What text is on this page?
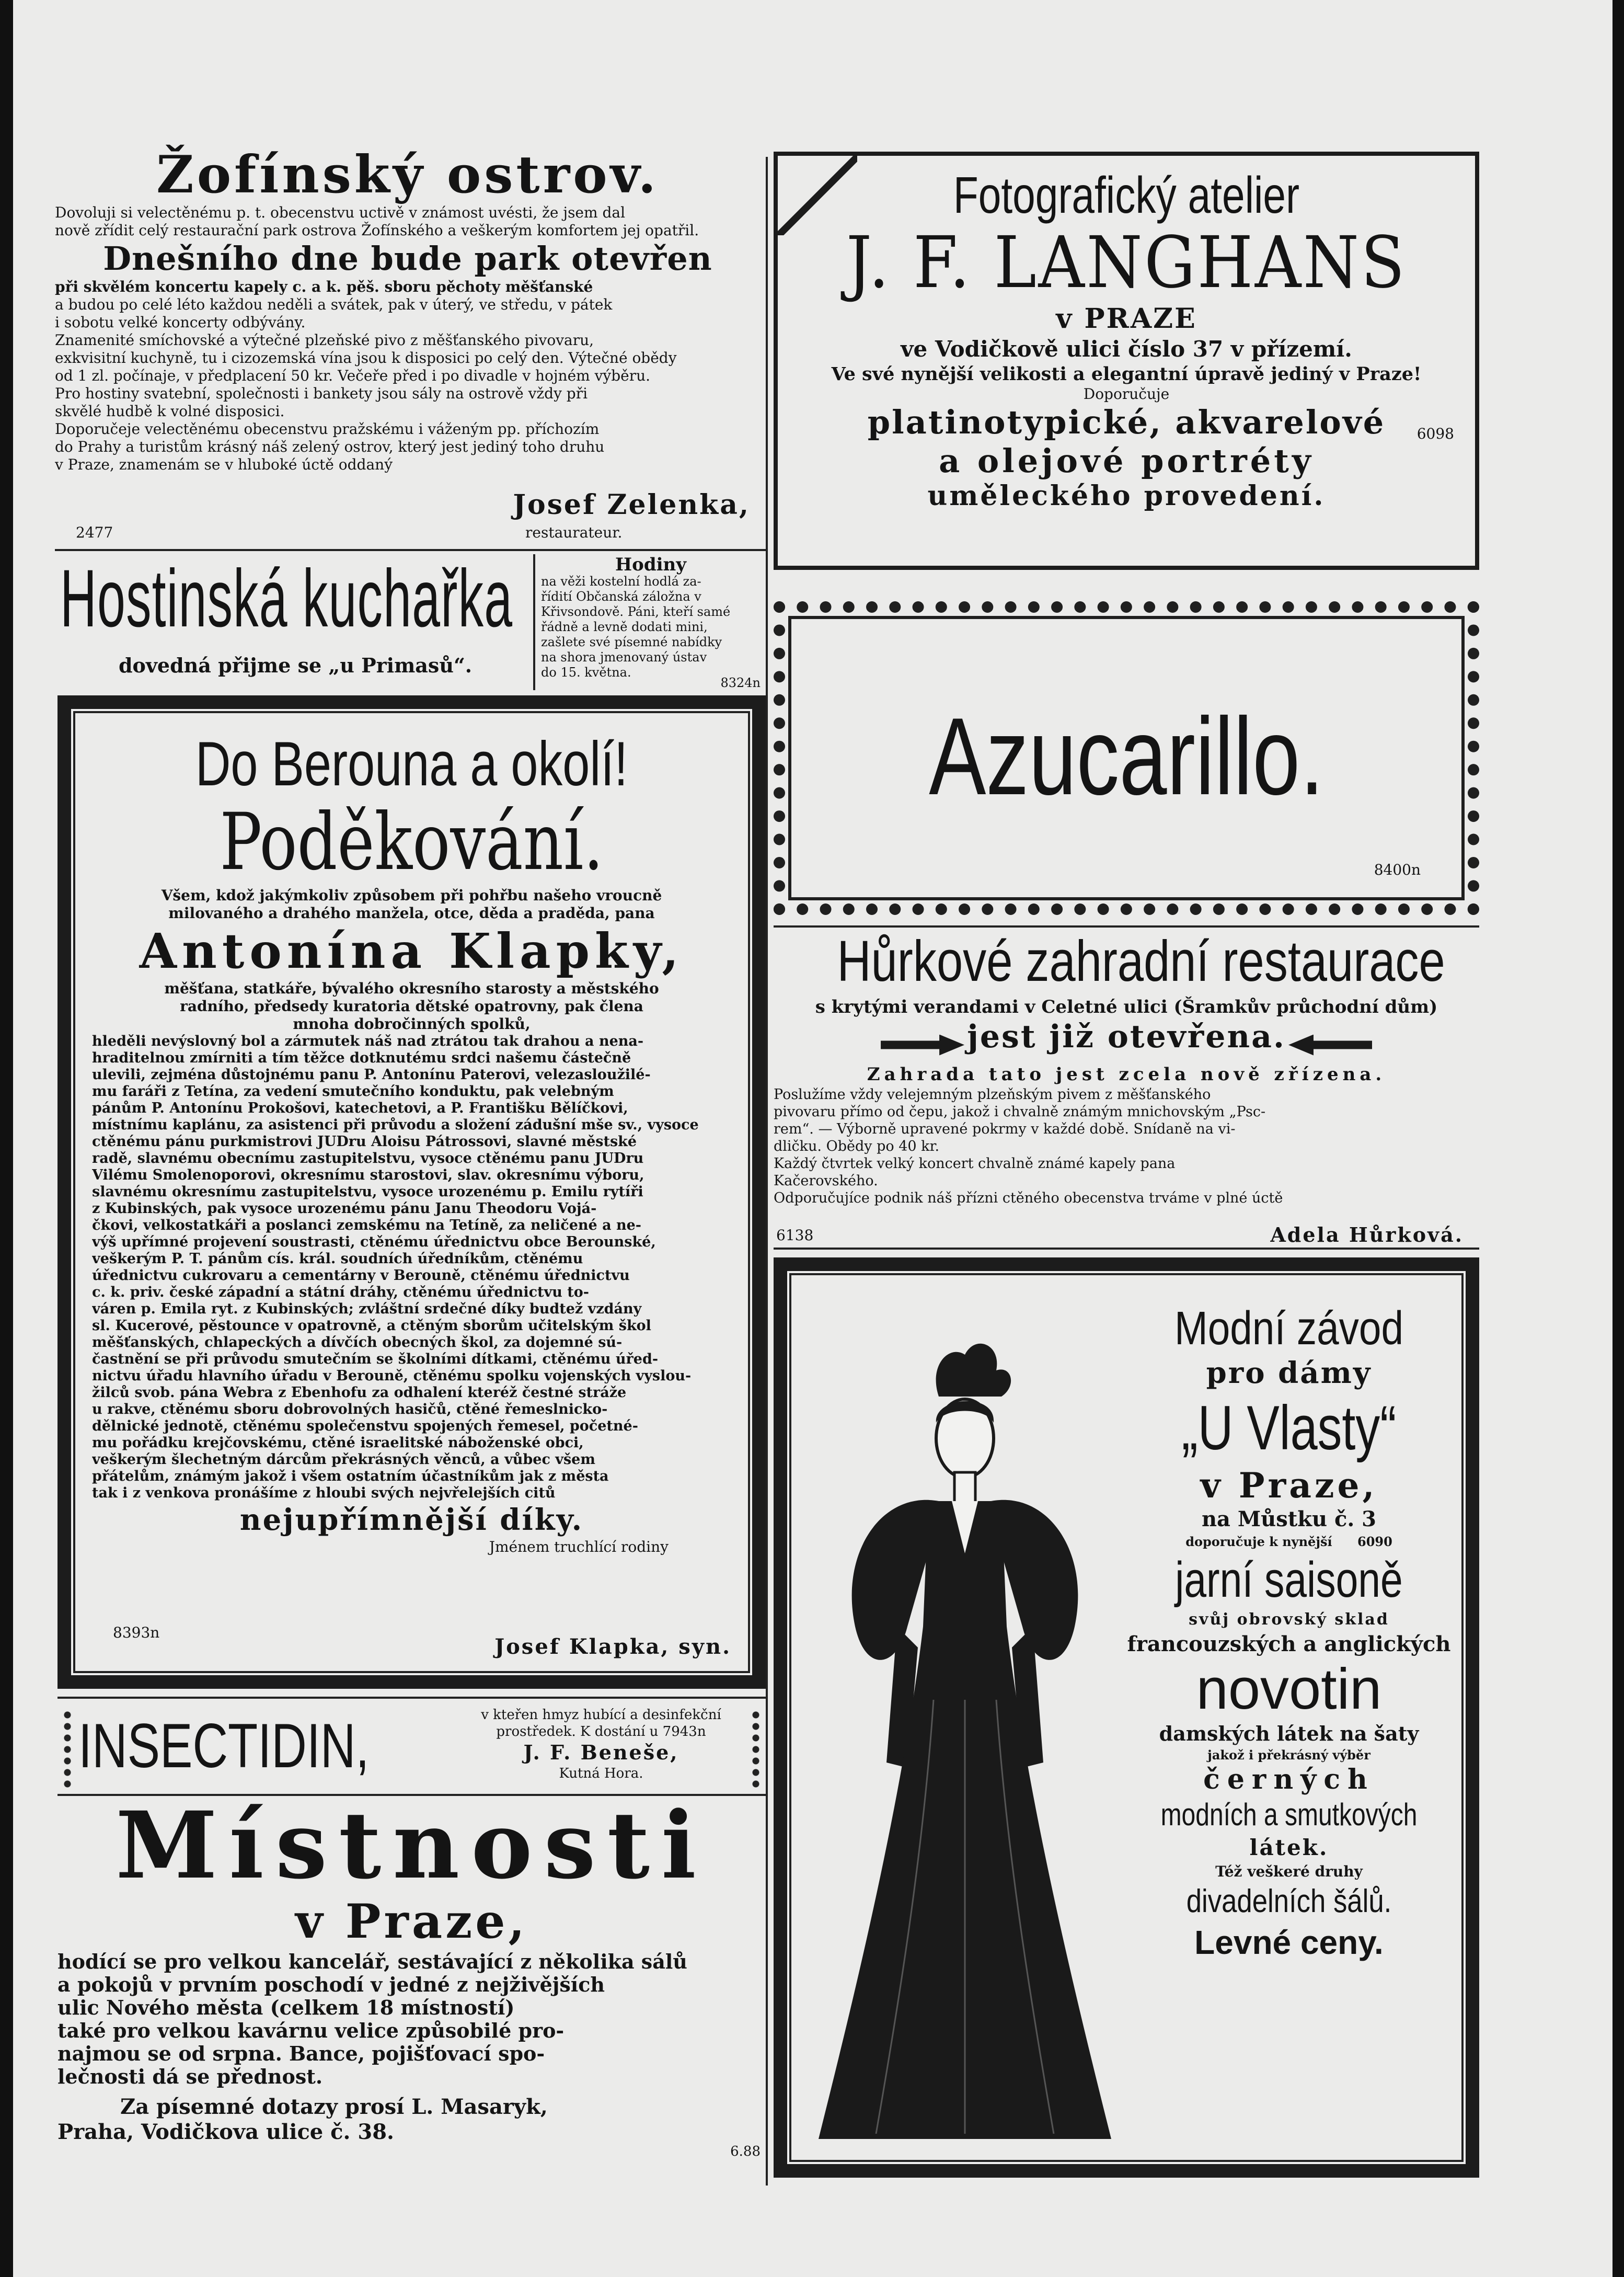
Žofínský ostrov.
Dovoluji si velectěnému p. t. obecenstvu uctivě v známost uvésti, že jsem dal
nově zřídit celý restaurační park ostrova Žofínského a veškerým komfortem jej opatřil.
Dnešního dne bude park otevřen
při skvělém koncertu kapely c. a k. pěš. sboru pěchoty měšťanské
a budou po celé léto každou neděli a svátek, pak v úterý, ve středu, v pátek
i sobotu velké koncerty odbývány.
Znamenité smíchovské a výtečné plzeňské pivo z měšťanského pivovaru,
exkvisitní kuchyně, tu i cizozemská vína jsou k disposici po celý den. Výtečné obědy
od 1 zl. počínaje, v předplacení 50 kr. Večeře před i po divadle v hojném výběru.
Pro hostiny svatební, společnosti i bankety jsou sály na ostrově vždy při
skvělé hudbě k volné disposici.
Doporučeje velectěnému obecenstvu pražskému i váženým pp. příchozím
do Prahy a turistům krásný náš zelený ostrov, který jest jediný toho druhu
v Praze, znamenám se v hluboké úctě oddaný
Josef Zelenka,
2477	restaurateur.
Hostinská kuchařka
dovedná přijme se „u Primasů“.
Hodiny
na věži kostelní hodlá za-
řídití Občanská záložna v
Křivsondově. Páni, kteří samé
řádně a levně dodati mini,
zašlete své písemné nabídky
na shora jmenovaný ústav
do 15. května.
8324n
Do Berouna a okolí!
Poděkování.
Všem, kdož jakýmkoliv způsobem při pohřbu našeho vroucně
milovaného a drahého manžela, otce, děda a praděda, pana
Antonína Klapky,
měšťana, statkáře, bývalého okresního starosty a městského
radního, předsedy kuratoria dětské opatrovny, pak člena
mnoha dobročinných spolků,
hleděli nevýslovný bol a zármutek náš nad ztrátou tak drahou a nena-
hraditelnou zmírniti a tím těžce dotknutému srdci našemu částečně
ulevili, zejména důstojnému panu P. Antonínu Paterovi, velezasloužilé-
mu faráři z Tetína, za vedení smutečního konduktu, pak velebným
pánům P. Antonínu Prokošovi, katechetovi, a P. Františku Bělíčkovi,
místnímu kaplánu, za asistenci při průvodu a složení zádušní mše sv., vysoce
ctěnému pánu purkmistrovi JUDru Aloisu Pátrossovi, slavné městské
radě, slavnému obecnímu zastupitelstvu, vysoce ctěnému panu JUDru
Vilému Smolenoporovi, okresnímu starostovi, slav. okresnímu výboru,
slavnému okresnímu zastupitelstvu, vysoce urozenému p. Emilu rytíři
z Kubinských, pak vysoce urozenému pánu Janu Theodoru Vojá-
čkovi, velkostatkáři a poslanci zemskému na Tetíně, za neličené a ne-
výš upřímné projevení soustrasti, ctěnému úřednictvu obce Berounské,
veškerým P. T. pánům cís. král. soudních úředníkům, ctěnému
úřednictvu cukrovaru a cementárny v Berouně, ctěnému úřednictvu
c. k. priv. české západní a státní dráhy, ctěnému úřednictvu to-
váren p. Emila ryt. z Kubinských; zvláštní srdečné díky budtež vzdány
sl. Kucerové, pěstounce v opatrovně, a ctěným sborům učitelským škol
měšťanských, chlapeckých a dívčích obecných škol, za dojemné sú-
častnění se při průvodu smutečním se školními dítkami, ctěnému úřed-
nictvu úřadu hlavního úřadu v Berouně, ctěnému spolku vojenských vyslou-
žilců svob. pána Webra z Ebenhofu za odhalení kteréž čestné stráže
u rakve, ctěnému sboru dobrovolných hasičů, ctěné řemeslnicko-
dělnické jednotě, ctěnému společenstvu spojených řemesel, početné-
mu pořádku krejčovskému, ctěné israelitské náboženské obci,
veškerým šlechetným dárcům překrásných věnců, a vůbec všem
přátelům, známým jakož i všem ostatním účastníkům jak z města
tak i z venkova pronášíme z hloubi svých nejvřelejších citů
nejupřímnější díky.
Jménem truchlící rodiny
8393n
Josef Klapka, syn.
INSECTIDIN,	v kteřen hmyz hubící a desinfekční
prostředek. K dostání u 7943n
J. F. Beneše,
Kutná Hora.
Místnosti
v Praze,
hodící se pro velkou kancelář, sestávající z několika sálů
a pokojů v prvním poschodí v jedné z nejživějších
ulic Nového města (celkem 18 místností)
také pro velkou kavárnu velice způsobilé pro-
najmou se od srpna. Bance, pojišťovací spo-
lečnosti dá se přednost.
Za písemné dotazy prosí L. Masaryk,
Praha, Vodičkova ulice č. 38.
6.88
Fotografický atelier
J. F. LANGHANS
v PRAZE
ve Vodičkově ulici číslo 37 v přízemí.
Ve své nynější velikosti a elegantní úpravě jediný v Praze!
Doporučuje
6098
platinotypické, akvarelové
a olejové portréty
uměleckého provedení.
Azucarillo.
8400n
Hůrkové zahradní restaurace
s krytými verandami v Celetné ulici (Šramkův průchodní dům)
jest již otevřena.
Zahrada tato jest zcela nově zřízena.
Poslužíme vždy velejemným plzeňským pivem z měšťanského
pivovaru přímo od čepu, jakož i chvalně známým mnichovským „Psc-
rem“. — Výborně upravené pokrmy v každé době. Snídaně na vi-
dličku. Obědy po 40 kr.
Každý čtvrtek velký koncert chvalně známé kapely pana
Kačerovského.
Odporučujíce podnik náš přízni ctěného obecenstva trváme v plné úctě
6138	Adela Hůrková.
Modní závod
pro dámy
„U Vlasty“
v Praze,
na Můstku č. 3
doporučuje k nynější 6090
jarní saisoně
svůj obrovský sklad
francouzských a anglických
novotin
damských látek na šaty
jakož i překrásný výběr
černých
modních a smutkových
látek.
Též veškeré druhy
divadelních šálů.
Levné ceny.
